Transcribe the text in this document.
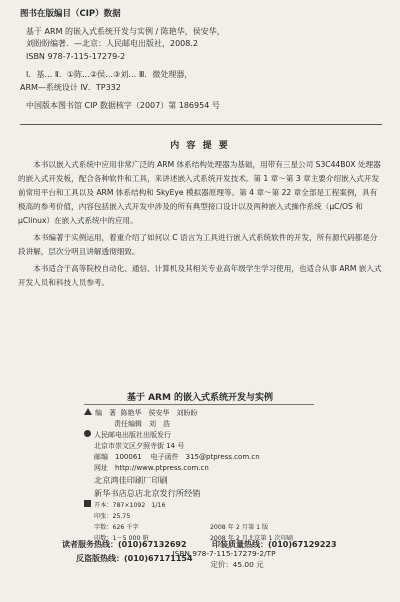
图书在版编目（CIP）数据
基于 ARM 的嵌入式系统开发与实例 / 陈艳华，侯安华，
刘盼盼编著．—北京：人民邮电出版社，2008.2
ISBN 978-7-115-17279-2
Ⅰ．基… Ⅱ．①陈…②侯…③刘… Ⅲ．微处理器，
ARM—系统设计 Ⅳ．TP332
中国版本图书馆 CIP 数据核字（2007）第 186954 号
内 容 提 要

本书以嵌入式系统中应用非常广泛的 ARM 体系结构处理器为基础，用带有三星公司 S3C44B0X 处理器的嵌入式开发板，配合各种软件和工具，来讲述嵌入式系统开发技术。第 1 章～第 3 章主要介绍嵌入式开发前常用平台和工具以及 ARM 体系结构和 SkyEye 模拟器原理等。第 4 章～第 22 章全部是工程案例，具有极高的参考价值，内容包括嵌入式开发中涉及的所有典型接口设计以及两种嵌入式操作系统（μC/OS 和 μClinux）在嵌入式系统中的应用。

本书编著于实例运用，着重介绍了如何以 C 语言为工具进行嵌入式系统软件的开发，所有源代码都是分段讲解，层次分明且讲解透彻细致。

本书适合于高等院校自动化、通信、计算机及其相关专业高年级学生学习使用，也适合从事 ARM 嵌入式开发人员和科技人员参考。

基于 ARM 的嵌入式系统开发与实例
编　著
陈艳华　侯安华　刘盼盼
责任编辑　刘　浩
人民邮电出版社出版发行
北京市崇文区夕照寺街 14 号
邮编　100061 电子函件　315@ptpress.com.cn
网址　http://www.ptpress.com.cn
北京鸿佳印刷厂印刷
新华书店总店北京发行所经销
开本：787×1092　1/16
印张：25.75
字数：626 千字	2008 年 2 月第 1 版
印数：1－5 000 册	2008 年 2 月北京第 1 次印刷
ISBN 978-7-115-17279-2/TP
定价：45.00 元
读者服务热线：(010)67132692	印装质量热线：(010)67129223
反盗版热线：(010)67171154
